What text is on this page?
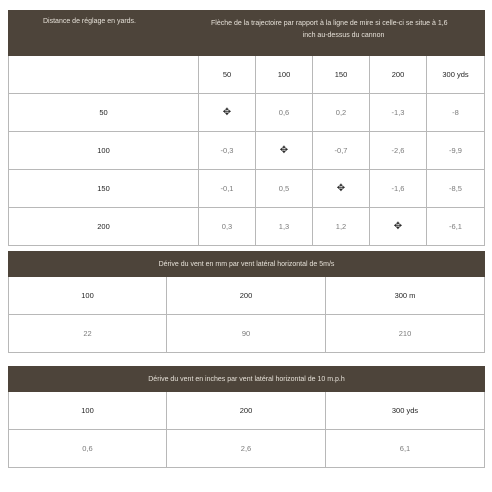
Distance de réglage en yards.	Flèche de la trajectoire par rapport à la ligne de mire si celle-ci se situe à 1,6
inch au-dessus du cannon				

	50	100	150	200	300 yds
50	✥	0,6	0,2	-1,3	-8
100	-0,3	✥	-0,7	-2,6	-9,9
150	-0,1	0,5	✥	-1,6	-8,5
200	0,3	1,3	1,2	✥	-6,1
Dérive du vent en mm par vent latéral horizontal de 5m/s		
100	200	300 m
22	90	210
Dérive du vent en inches par vent latéral horizontal de 10 m.p.h		
100	200	300 yds
0,6	2,6	6,1
